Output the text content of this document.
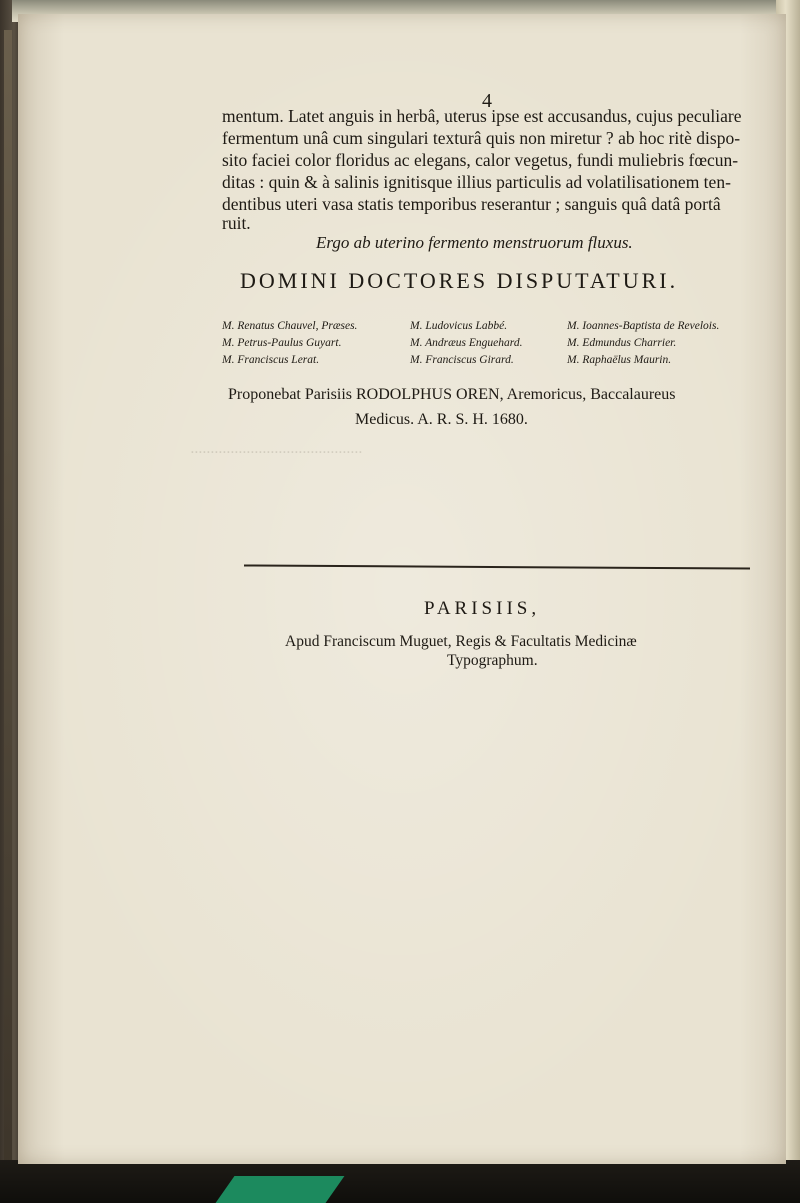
...........................................
4
mentum. Latet anguis in herbâ, uterus ipse est accusandus, cujus peculiare
fermentum unâ cum singulari texturâ quis non miretur ? ab hoc ritè dispo-
sito faciei color floridus ac elegans, calor vegetus, fundi muliebris fœcun-
ditas : quin & à salinis ignitisque illius particulis ad volatilisationem ten-
dentibus uteri vasa statis temporibus reserantur ; sanguis quâ datâ portâ
ruit.
Ergo ab uterino fermento menstruorum fluxus.
DOMINI DOCTORES DISPUTATURI.
M. Renatus Chauvel, Præses.	M. Ludovicus Labbé.	M. Ioannes-Baptista de Revelois.
M. Petrus-Paulus Guyart.	M. Andræus Enguehard.	M. Edmundus Charrier.
M. Franciscus Lerat.	M. Franciscus Girard.	M. Raphaëlus Maurin.
Proponebat Parisiis RODOLPHUS OREN, Aremoricus, Baccalaureus
Medicus. A. R. S. H. 1680.
PARISIIS,
Apud Franciscum Muguet, Regis & Facultatis Medicinæ
Typographum.
